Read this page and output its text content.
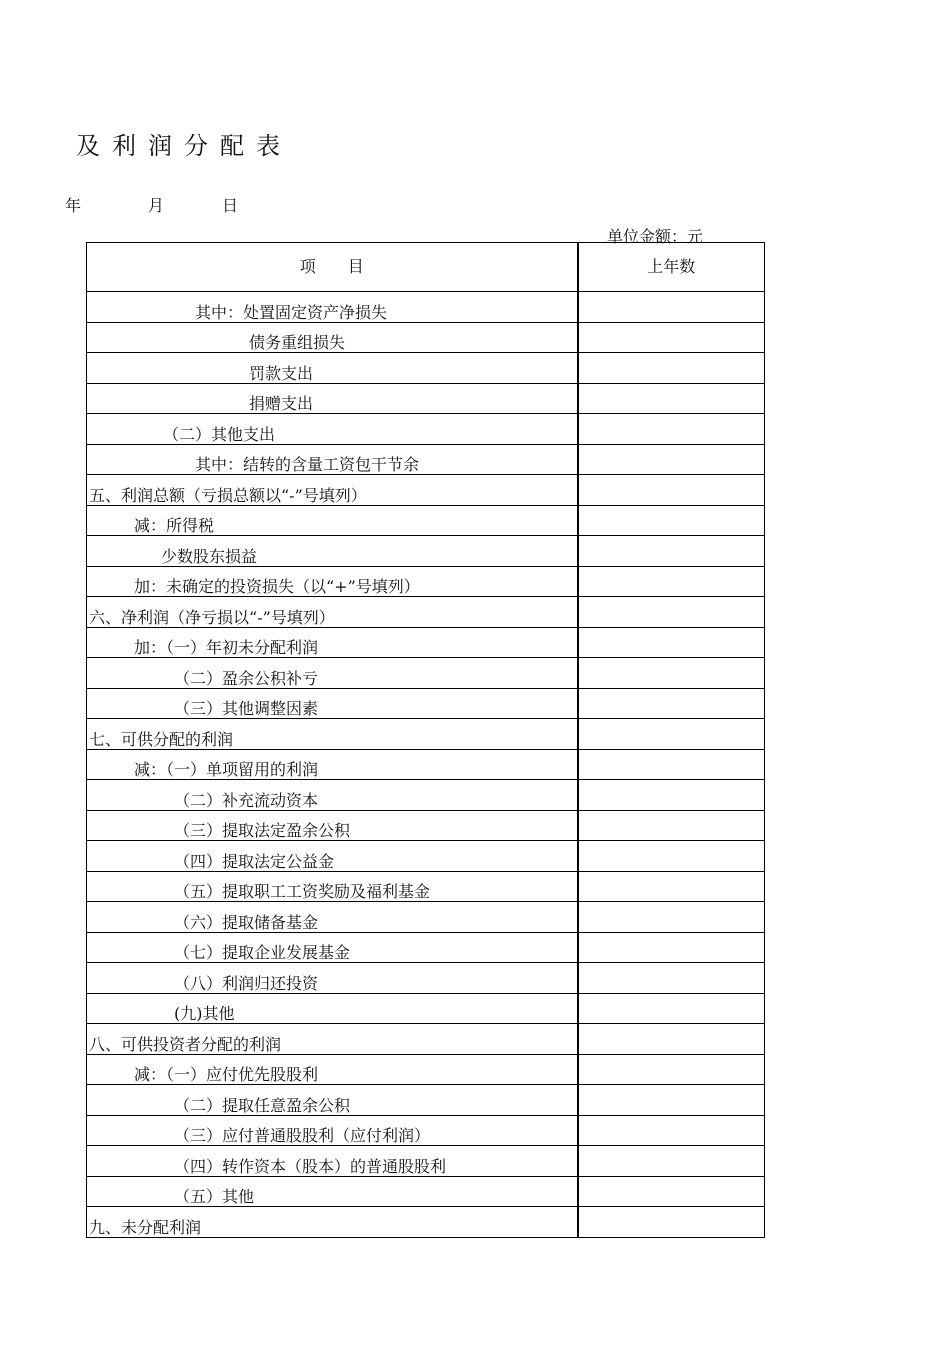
及利润分配表
年	月	日
单位金额：元
项　　目	上年数
其中：处置固定资产净损失	
债务重组损失	
罚款支出	
捐赠支出	
（二）其他支出	
其中：结转的含量工资包干节余	
五、利润总额（亏损总额以“-”号填列）	
减：所得税	
少数股东损益	
加：未确定的投资损失（以“+”号填列）	
六、净利润（净亏损以“-”号填列）	
加：（一）年初未分配利润	
（二）盈余公积补亏	
（三）其他调整因素	
七、可供分配的利润	
减：（一）单项留用的利润	
（二）补充流动资本	
（三）提取法定盈余公积	
（四）提取法定公益金	
（五）提取职工工资奖励及福利基金	
（六）提取储备基金	
（七）提取企业发展基金	
（八）利润归还投资	
(九)其他	
八、可供投资者分配的利润	
减：（一）应付优先股股利	
（二）提取任意盈余公积	
（三）应付普通股股利（应付利润）	
（四）转作资本（股本）的普通股股利	
（五）其他	
九、未分配利润	
